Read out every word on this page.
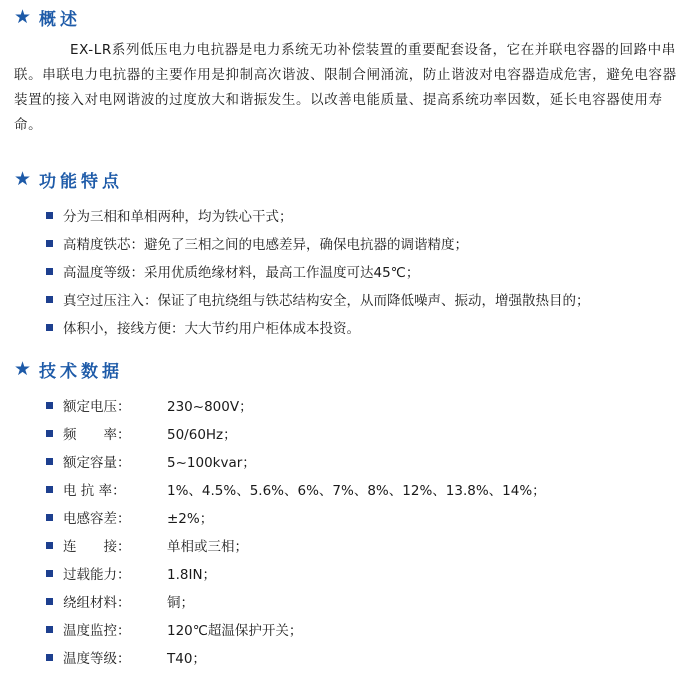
★ 概述
EX-LR系列低压电力电抗器是电力系统无功补偿装置的重要配套设备，它在并联电容器的回路中串联。串联电力电抗器的主要作用是抑制高次谐波、限制合闸涌流，防止谐波对电容器造成危害，避免电容器装置的接入对电网谐波的过度放大和谐振发生。以改善电能质量、提高系统功率因数，延长电容器使用寿命。
★ 功能特点
分为三相和单相两种，均为铁心干式；
高精度铁芯：避免了三相之间的电感差异，确保电抗器的调谐精度；
高温度等级：采用优质绝缘材料，最高工作温度可达45℃；
真空过压注入：保证了电抗绕组与铁芯结构安全，从而降低噪声、振动，增强散热目的；
体积小，接线方便：大大节约用户柜体成本投资。
★ 技术数据
额定电压：	230~800V；
频　　率：	50/60Hz；
额定容量：	5~100kvar；
电 抗 率：	1%、4.5%、5.6%、6%、7%、8%、12%、13.8%、14%；
电感容差：	±2%；
连　　接：	单相或三相；
过载能力：	1.8IN；
绕组材料：	铜；
温度监控：	120℃超温保护开关；
温度等级：	T40；
